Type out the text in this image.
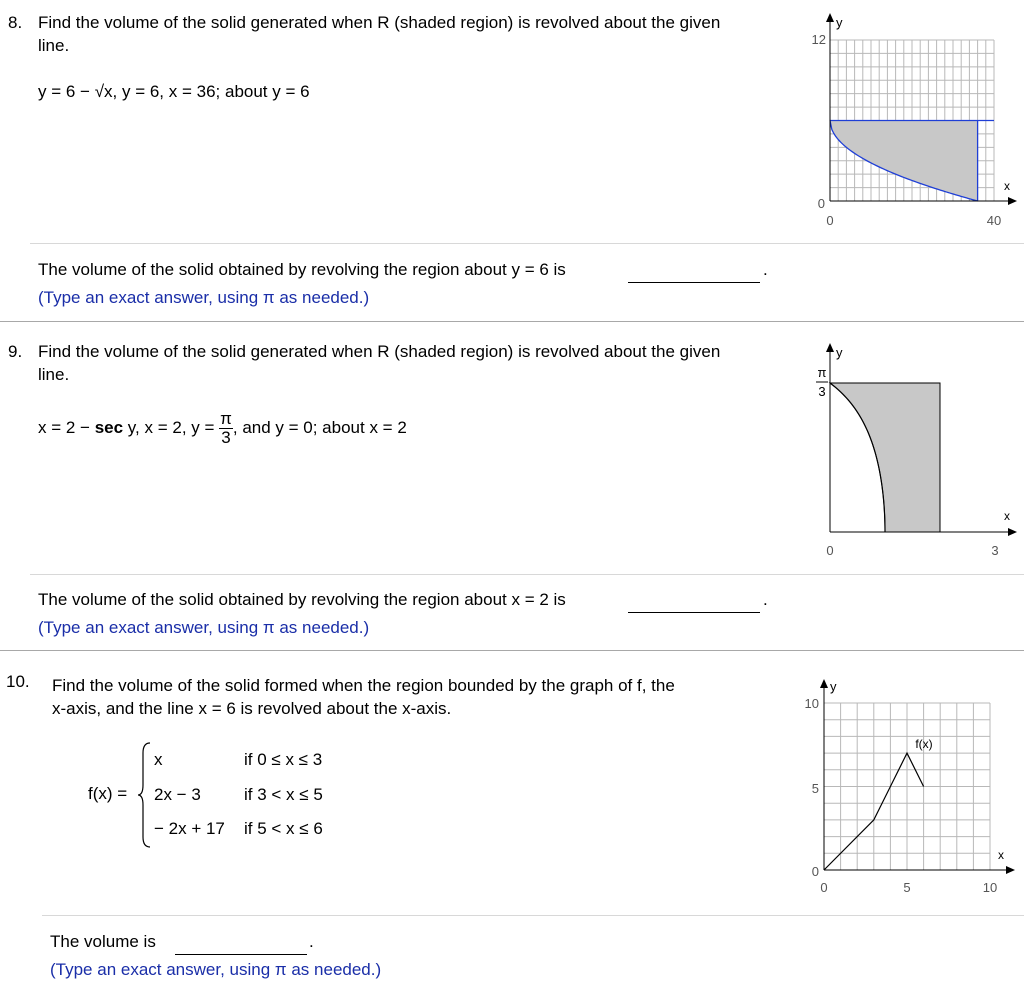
8. Find the volume of the solid generated when R (shaded region) is revolved about the given
line.
y = 6 − √x, y = 6, x = 36; about y = 6
y
x
12
0
0	40
The volume of the solid obtained by revolving the region about y = 6 is	.
(Type an exact answer, using π as needed.)
9. Find the volume of the solid generated when R (shaded region) is revolved about the given
line.
x = 2 − sec y, x = 2, $y = \frac{\pi}{3}$ , and y = 0; about x = 2
y
x
π
3
0	3
The volume of the solid obtained by revolving the region about x = 2 is	.
(Type an exact answer, using π as needed.)
10. Find the volume of the solid formed when the region bounded by the graph of f, the
x-axis, and the line x = 6 is revolved about the x-axis.
f(x) =
x	if 0 ≤ x ≤ 3
2x − 3	if 3 < x ≤ 5
− 2x + 17 if 5 < x ≤ 6
y
x
f(x)
10
5
0
0	5	10
The volume is	.
(Type an exact answer, using π as needed.)
